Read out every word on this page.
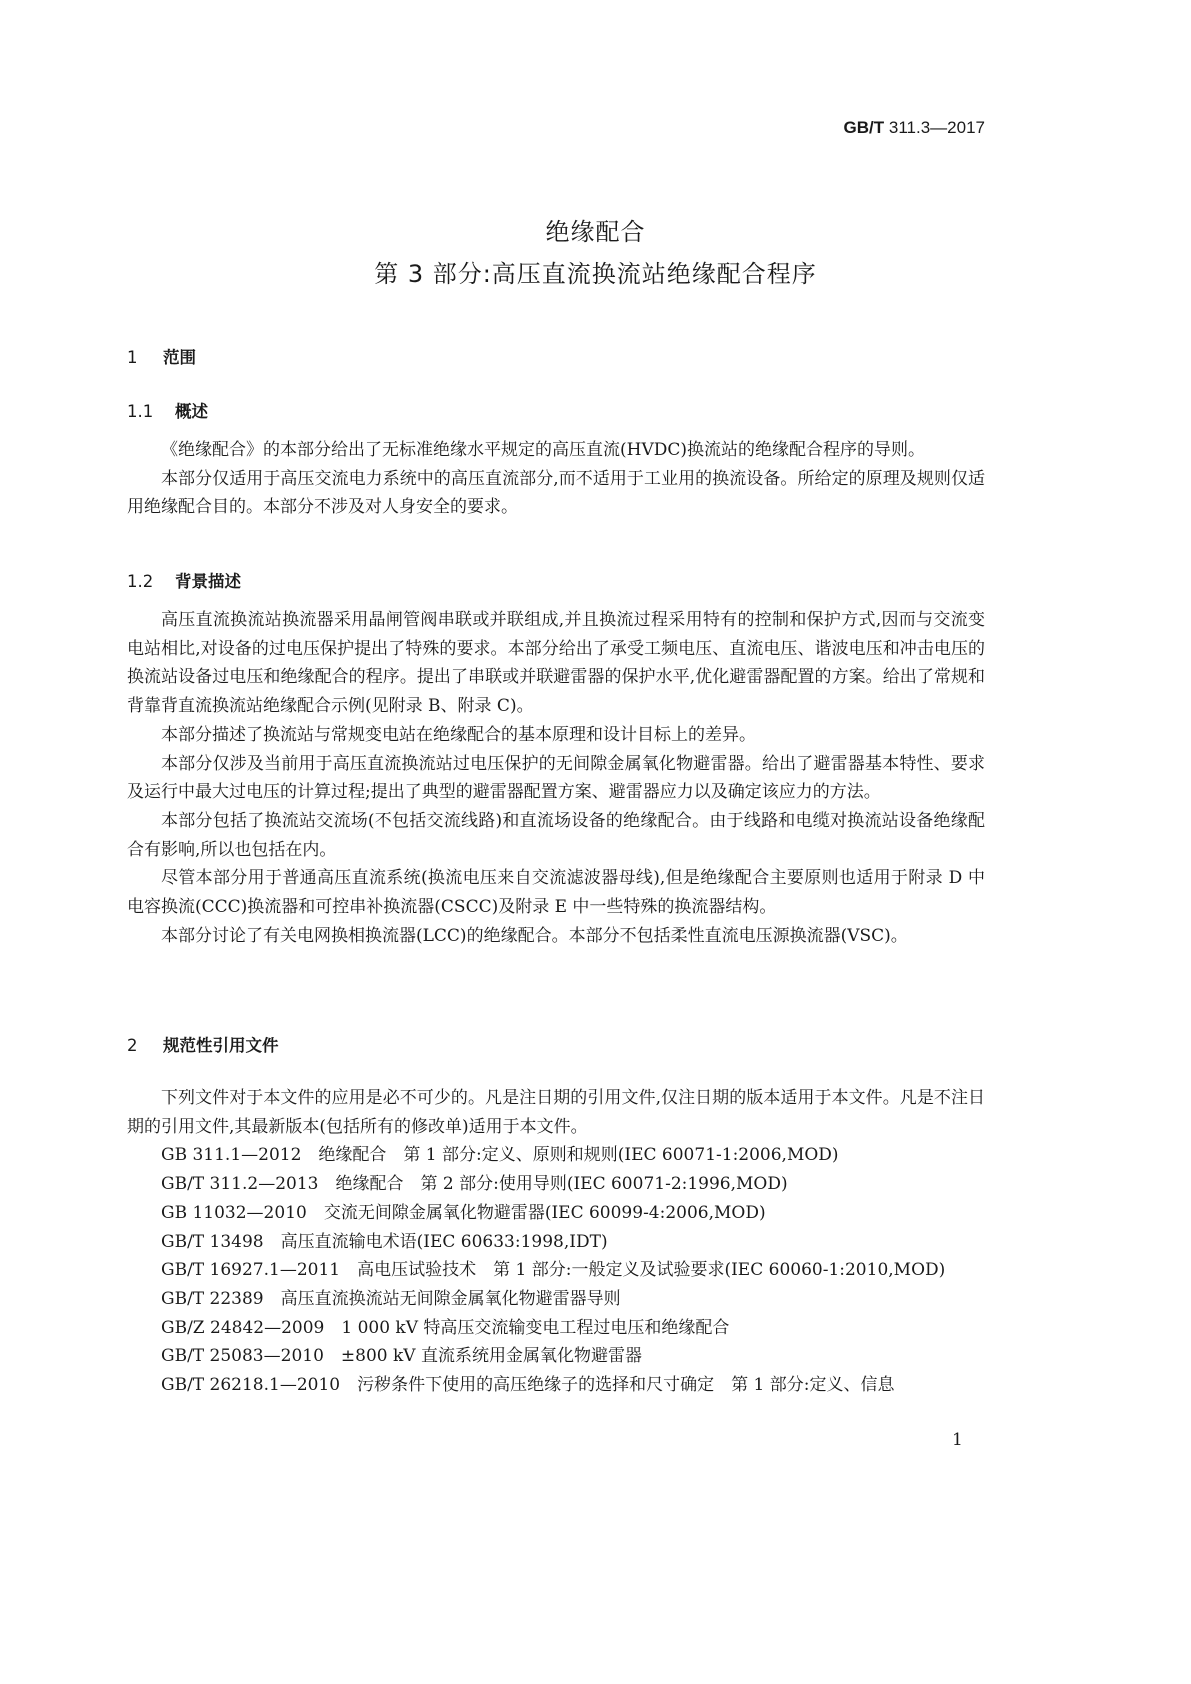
GB/T 311.3—2017
绝缘配合
第 3 部分:高压直流换流站绝缘配合程序
1 范围
1.1 概述

《绝缘配合》的本部分给出了无标准绝缘水平规定的高压直流(HVDC)换流站的绝缘配合程序的导则。

本部分仅适用于高压交流电力系统中的高压直流部分,而不适用于工业用的换流设备。所给定的原理及规则仅适用绝缘配合目的。本部分不涉及对人身安全的要求。

1.2 背景描述

高压直流换流站换流器采用晶闸管阀串联或并联组成,并且换流过程采用特有的控制和保护方式,因而与交流变电站相比,对设备的过电压保护提出了特殊的要求。本部分给出了承受工频电压、直流电压、谐波电压和冲击电压的换流站设备过电压和绝缘配合的程序。提出了串联或并联避雷器的保护水平,优化避雷器配置的方案。给出了常规和背靠背直流换流站绝缘配合示例(见附录 B、附录 C)。

本部分描述了换流站与常规变电站在绝缘配合的基本原理和设计目标上的差异。

本部分仅涉及当前用于高压直流换流站过电压保护的无间隙金属氧化物避雷器。给出了避雷器基本特性、要求及运行中最大过电压的计算过程;提出了典型的避雷器配置方案、避雷器应力以及确定该应力的方法。

本部分包括了换流站交流场(不包括交流线路)和直流场设备的绝缘配合。由于线路和电缆对换流站设备绝缘配合有影响,所以也包括在内。

尽管本部分用于普通高压直流系统(换流电压来自交流滤波器母线),但是绝缘配合主要原则也适用于附录 D 中电容换流(CCC)换流器和可控串补换流器(CSCC)及附录 E 中一些特殊的换流器结构。

本部分讨论了有关电网换相换流器(LCC)的绝缘配合。本部分不包括柔性直流电压源换流器(VSC)。

2 规范性引用文件

下列文件对于本文件的应用是必不可少的。凡是注日期的引用文件,仅注日期的版本适用于本文件。凡是不注日期的引用文件,其最新版本(包括所有的修改单)适用于本文件。

GB 311.1—2012　绝缘配合　第 1 部分:定义、原则和规则(IEC 60071-1:2006,MOD)

GB/T 311.2—2013　绝缘配合　第 2 部分:使用导则(IEC 60071-2:1996,MOD)

GB 11032—2010　交流无间隙金属氧化物避雷器(IEC 60099-4:2006,MOD)

GB/T 13498　高压直流输电术语(IEC 60633:1998,IDT)

GB/T 16927.1—2011　高电压试验技术　第 1 部分:一般定义及试验要求(IEC 60060-1:2010,MOD)

GB/T 22389　高压直流换流站无间隙金属氧化物避雷器导则

GB/Z 24842—2009　1 000 kV 特高压交流输变电工程过电压和绝缘配合

GB/T 25083—2010　±800 kV 直流系统用金属氧化物避雷器

GB/T 26218.1—2010　污秽条件下使用的高压绝缘子的选择和尺寸确定　第 1 部分:定义、信息

1
